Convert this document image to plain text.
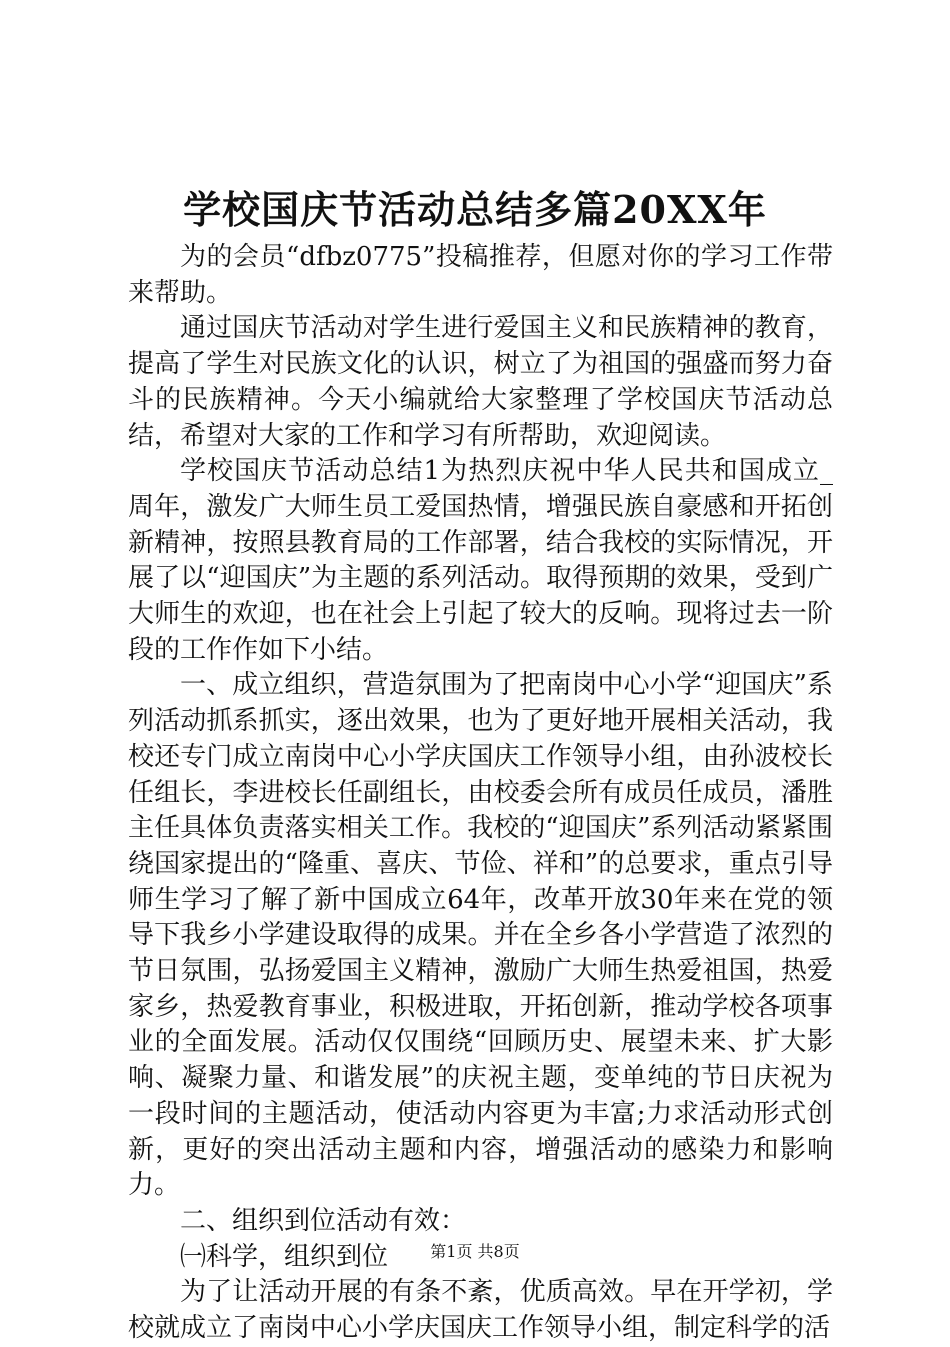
学校国庆节活动总结多篇20XX年

为的会员“dfbz0775”投稿推荐，但愿对你的学习工作带来帮助。

通过国庆节活动对学生进行爱国主义和民族精神的教育，提高了学生对民族文化的认识，树立了为祖国的强盛而努力奋斗的民族精神。今天小编就给大家整理了学校国庆节活动总结，希望对大家的工作和学习有所帮助，欢迎阅读。

学校国庆节活动总结1为热烈庆祝中华人民共和国成立_周年，激发广大师生员工爱国热情，增强民族自豪感和开拓创新精神，按照县教育局的工作部署，结合我校的实际情况，开展了以“迎国庆”为主题的系列活动。取得预期的效果，受到广大师生的欢迎，也在社会上引起了较大的反响。现将过去一阶段的工作作如下小结。

一、成立组织，营造氛围为了把南岗中心小学“迎国庆”系列活动抓系抓实，逐出效果，也为了更好地开展相关活动，我校还专门成立南岗中心小学庆国庆工作领导小组，由孙波校长任组长，李进校长任副组长，由校委会所有成员任成员，潘胜主任具体负责落实相关工作。我校的“迎国庆”系列活动紧紧围绕国家提出的“隆重、喜庆、节俭、祥和”的总要求，重点引导师生学习了解了新中国成立64年，改革开放30年来在党的领导下我乡小学建设取得的成果。并在全乡各小学营造了浓烈的节日氛围，弘扬爱国主义精神，激励广大师生热爱祖国，热爱家乡，热爱教育事业，积极进取，开拓创新，推动学校各项事业的全面发展。活动仅仅围绕“回顾历史、展望未来、扩大影响、凝聚力量、和谐发展”的庆祝主题，变单纯的节日庆祝为一段时间的主题活动，使活动内容更为丰富;力求活动形式创新，更好的突出活动主题和内容，增强活动的感染力和影响力。

二、组织到位活动有效：

㈠科学，组织到位

为了让活动开展的有条不紊，优质高效。早在开学初，学校就成立了南岗中心小学庆国庆工作领导小组，制定科学的活

第1页 共8页
